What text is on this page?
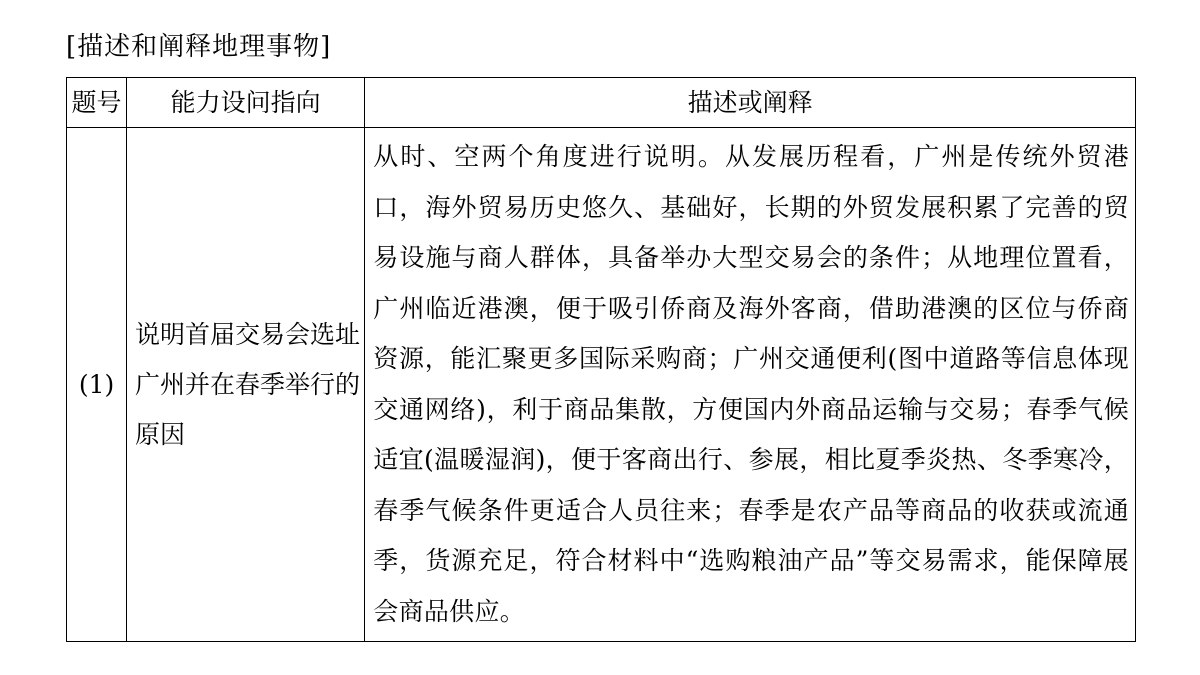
[描述和阐释地理事物]
题号	能力设问指向	描述或阐释
(1)	说明首届交易会选址广州并在春季举行的原因	从时、空两个角度进行说明。从发展历程看，广州是传统外贸港口，海外贸易历史悠久、基础好，长期的外贸发展积累了完善的贸易设施与商人群体，具备举办大型交易会的条件；从地理位置看，广州临近港澳，便于吸引侨商及海外客商，借助港澳的区位与侨商资源，能汇聚更多国际采购商；广州交通便利(图中道路等信息体现交通网络)，利于商品集散，方便国内外商品运输与交易；春季气候适宜(温暖湿润)，便于客商出行、参展，相比夏季炎热、冬季寒冷，春季气候条件更适合人员往来；春季是农产品等商品的收获或流通季，货源充足，符合材料中“选购粮油产品”等交易需求，能保障展会商品供应。
